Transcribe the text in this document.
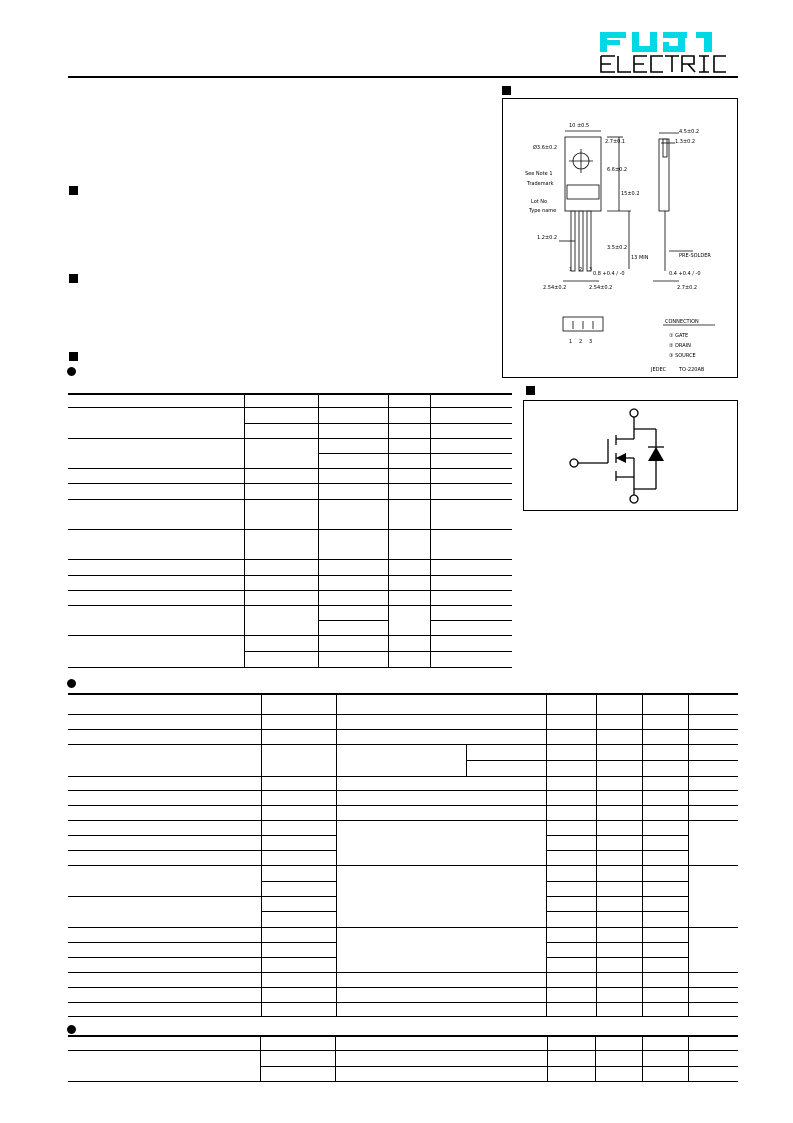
10 ±0.5
Ø3.6±0.2
2.7±0.1
6.6±0.2
15±0.2
1.2±0.2
3.5±0.2
13 MIN
2.54±0.2	2.54±0.2
0.8 +0.4 / -0
4.5±0.2
1.3±0.2
0.4 +0.4 / -0
2.7±0.2
See Note 1
Trademark
Lot No
Type name
PRE-SOLDER
1 2 3
1 2 3
CONNECTION
① GATE
② DRAIN
③ SOURCE
JEDEC	TO-220AB
